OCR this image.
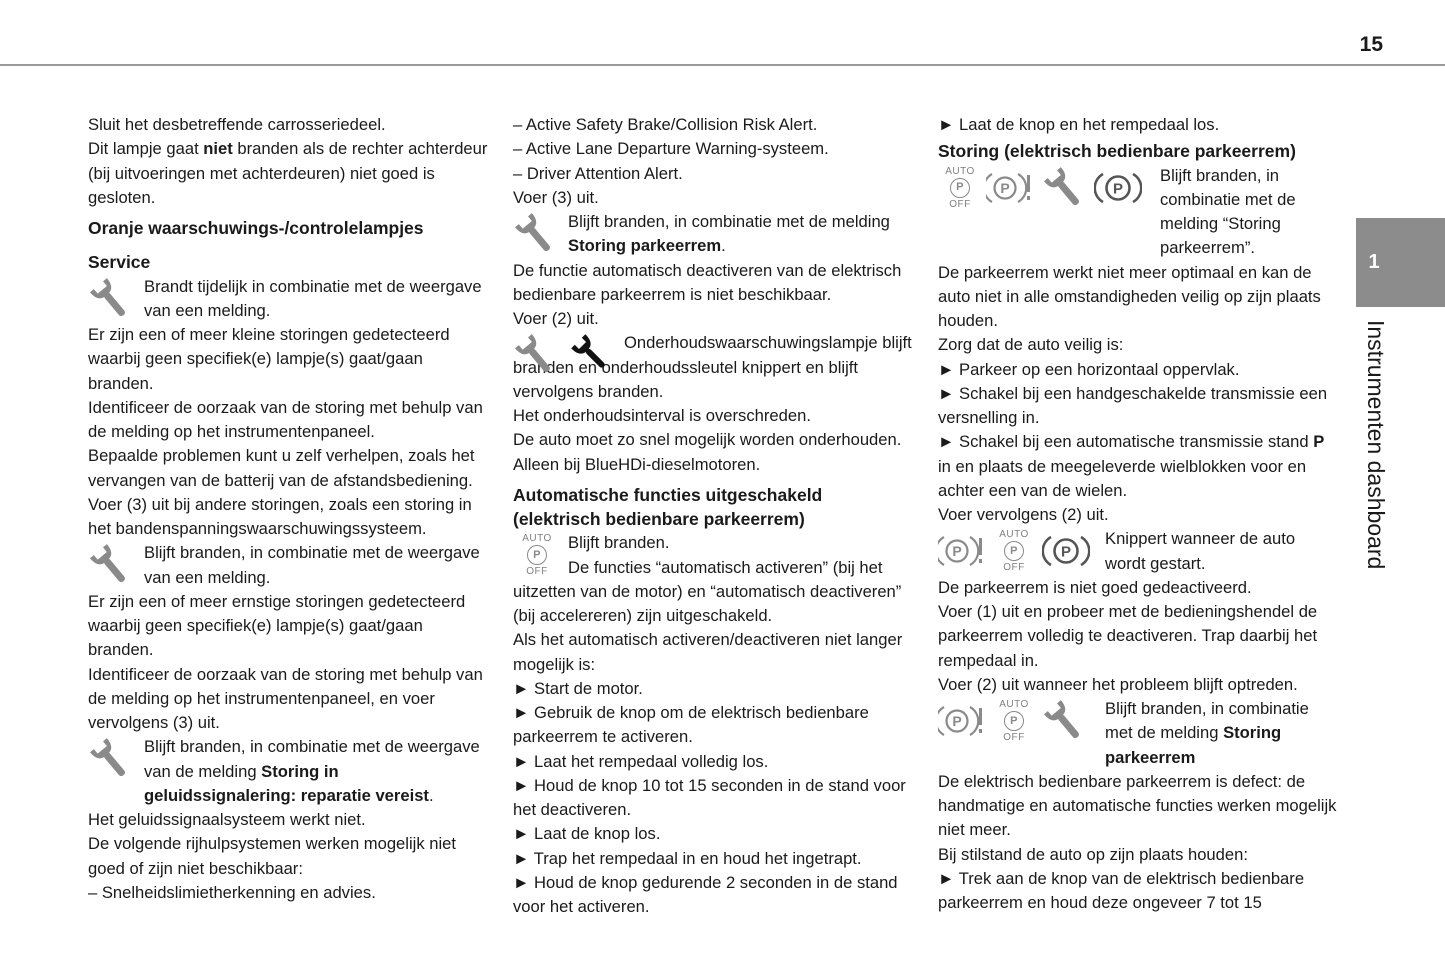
15

Sluit het desbetreffende carrosseriedeel.

Dit lampje gaat niet branden als de rechter achterdeur (bij uitvoeringen met achterdeuren) niet goed is gesloten.

Oranje waarschuwings-/controlelampjes

Service

Brandt tijdelijk in combinatie met de weergave van een melding.

Er zijn een of meer kleine storingen gedetecteerd waarbij geen specifiek(e) lampje(s) gaat/gaan branden.

Identificeer de oorzaak van de storing met behulp van de melding op het instrumentenpaneel.

Bepaalde problemen kunt u zelf verhelpen, zoals het vervangen van de batterij van de afstandsbediening.

Voer (3) uit bij andere storingen, zoals een storing in het bandenspanningswaarschuwingssysteem.

Blijft branden, in combinatie met de weergave van een melding.

Er zijn een of meer ernstige storingen gedetecteerd waarbij geen specifiek(e) lampje(s) gaat/gaan branden.

Identificeer de oorzaak van de storing met behulp van de melding op het instrumentenpaneel, en voer vervolgens (3) uit.

Blijft branden, in combinatie met de weergave van de melding Storing in geluidssignalering: reparatie vereist.

Het geluidssignaalsysteem werkt niet.

De volgende rijhulpsystemen werken mogelijk niet goed of zijn niet beschikbaar:

– Snelheidslimietherkenning en advies.

– Active Safety Brake/Collision Risk Alert.

– Active Lane Departure Warning-systeem.

– Driver Attention Alert.

Voer (3) uit.

Blijft branden, in combinatie met de melding Storing parkeerrem.

De functie automatisch deactiveren van de elektrisch bedienbare parkeerrem is niet beschikbaar.

Voer (2) uit.

Onderhoudswaarschuwingslampje blijft branden en onderhoudssleutel knippert en blijft vervolgens branden.

Het onderhoudsinterval is overschreden.

De auto moet zo snel mogelijk worden onderhouden.

Alleen bij BlueHDi-dieselmotoren.

Automatische functies uitgeschakeld (elektrisch bedienbare parkeerrem)

AUTO
P
OFF

Blijft branden.

De functies “automatisch activeren” (bij het uitzetten van de motor) en “automatisch deactiveren” (bij accelereren) zijn uitgeschakeld.

Als het automatisch activeren/deactiveren niet langer mogelijk is:

► Start de motor.

► Gebruik de knop om de elektrisch bedienbare parkeerrem te activeren.

► Laat het rempedaal volledig los.

► Houd de knop 10 tot 15 seconden in de stand voor het deactiveren.

► Laat de knop los.

► Trap het rempedaal in en houd het ingetrapt.

► Houd de knop gedurende 2 seconden in de stand voor het activeren.

► Laat de knop en het rempedaal los.

Storing (elektrisch bedienbare parkeerrem)

AUTO
P
OFF

Blijft branden, in combinatie met de melding “Storing parkeerrem”.

De parkeerrem werkt niet meer optimaal en kan de auto niet in alle omstandigheden veilig op zijn plaats houden.

Zorg dat de auto veilig is:

► Parkeer op een horizontaal oppervlak.

► Schakel bij een handgeschakelde transmissie een versnelling in.

► Schakel bij een automatische transmissie stand P in en plaats de meegeleverde wielblokken voor en achter een van de wielen.

Voer vervolgens (2) uit.

AUTO
P
OFF

Knippert wanneer de auto wordt gestart.

De parkeerrem is niet goed gedeactiveerd.

Voer (1) uit en probeer met de bedieningshendel de parkeerrem volledig te deactiveren. Trap daarbij het rempedaal in.

Voer (2) uit wanneer het probleem blijft optreden.

AUTO
P
OFF

Blijft branden, in combinatie met de melding Storing parkeerrem

De elektrisch bedienbare parkeerrem is defect: de handmatige en automatische functies werken mogelijk niet meer.

Bij stilstand de auto op zijn plaats houden:

► Trek aan de knop van de elektrisch bedienbare parkeerrem en houd deze ongeveer 7 tot 15

1
Instrumenten dashboard
